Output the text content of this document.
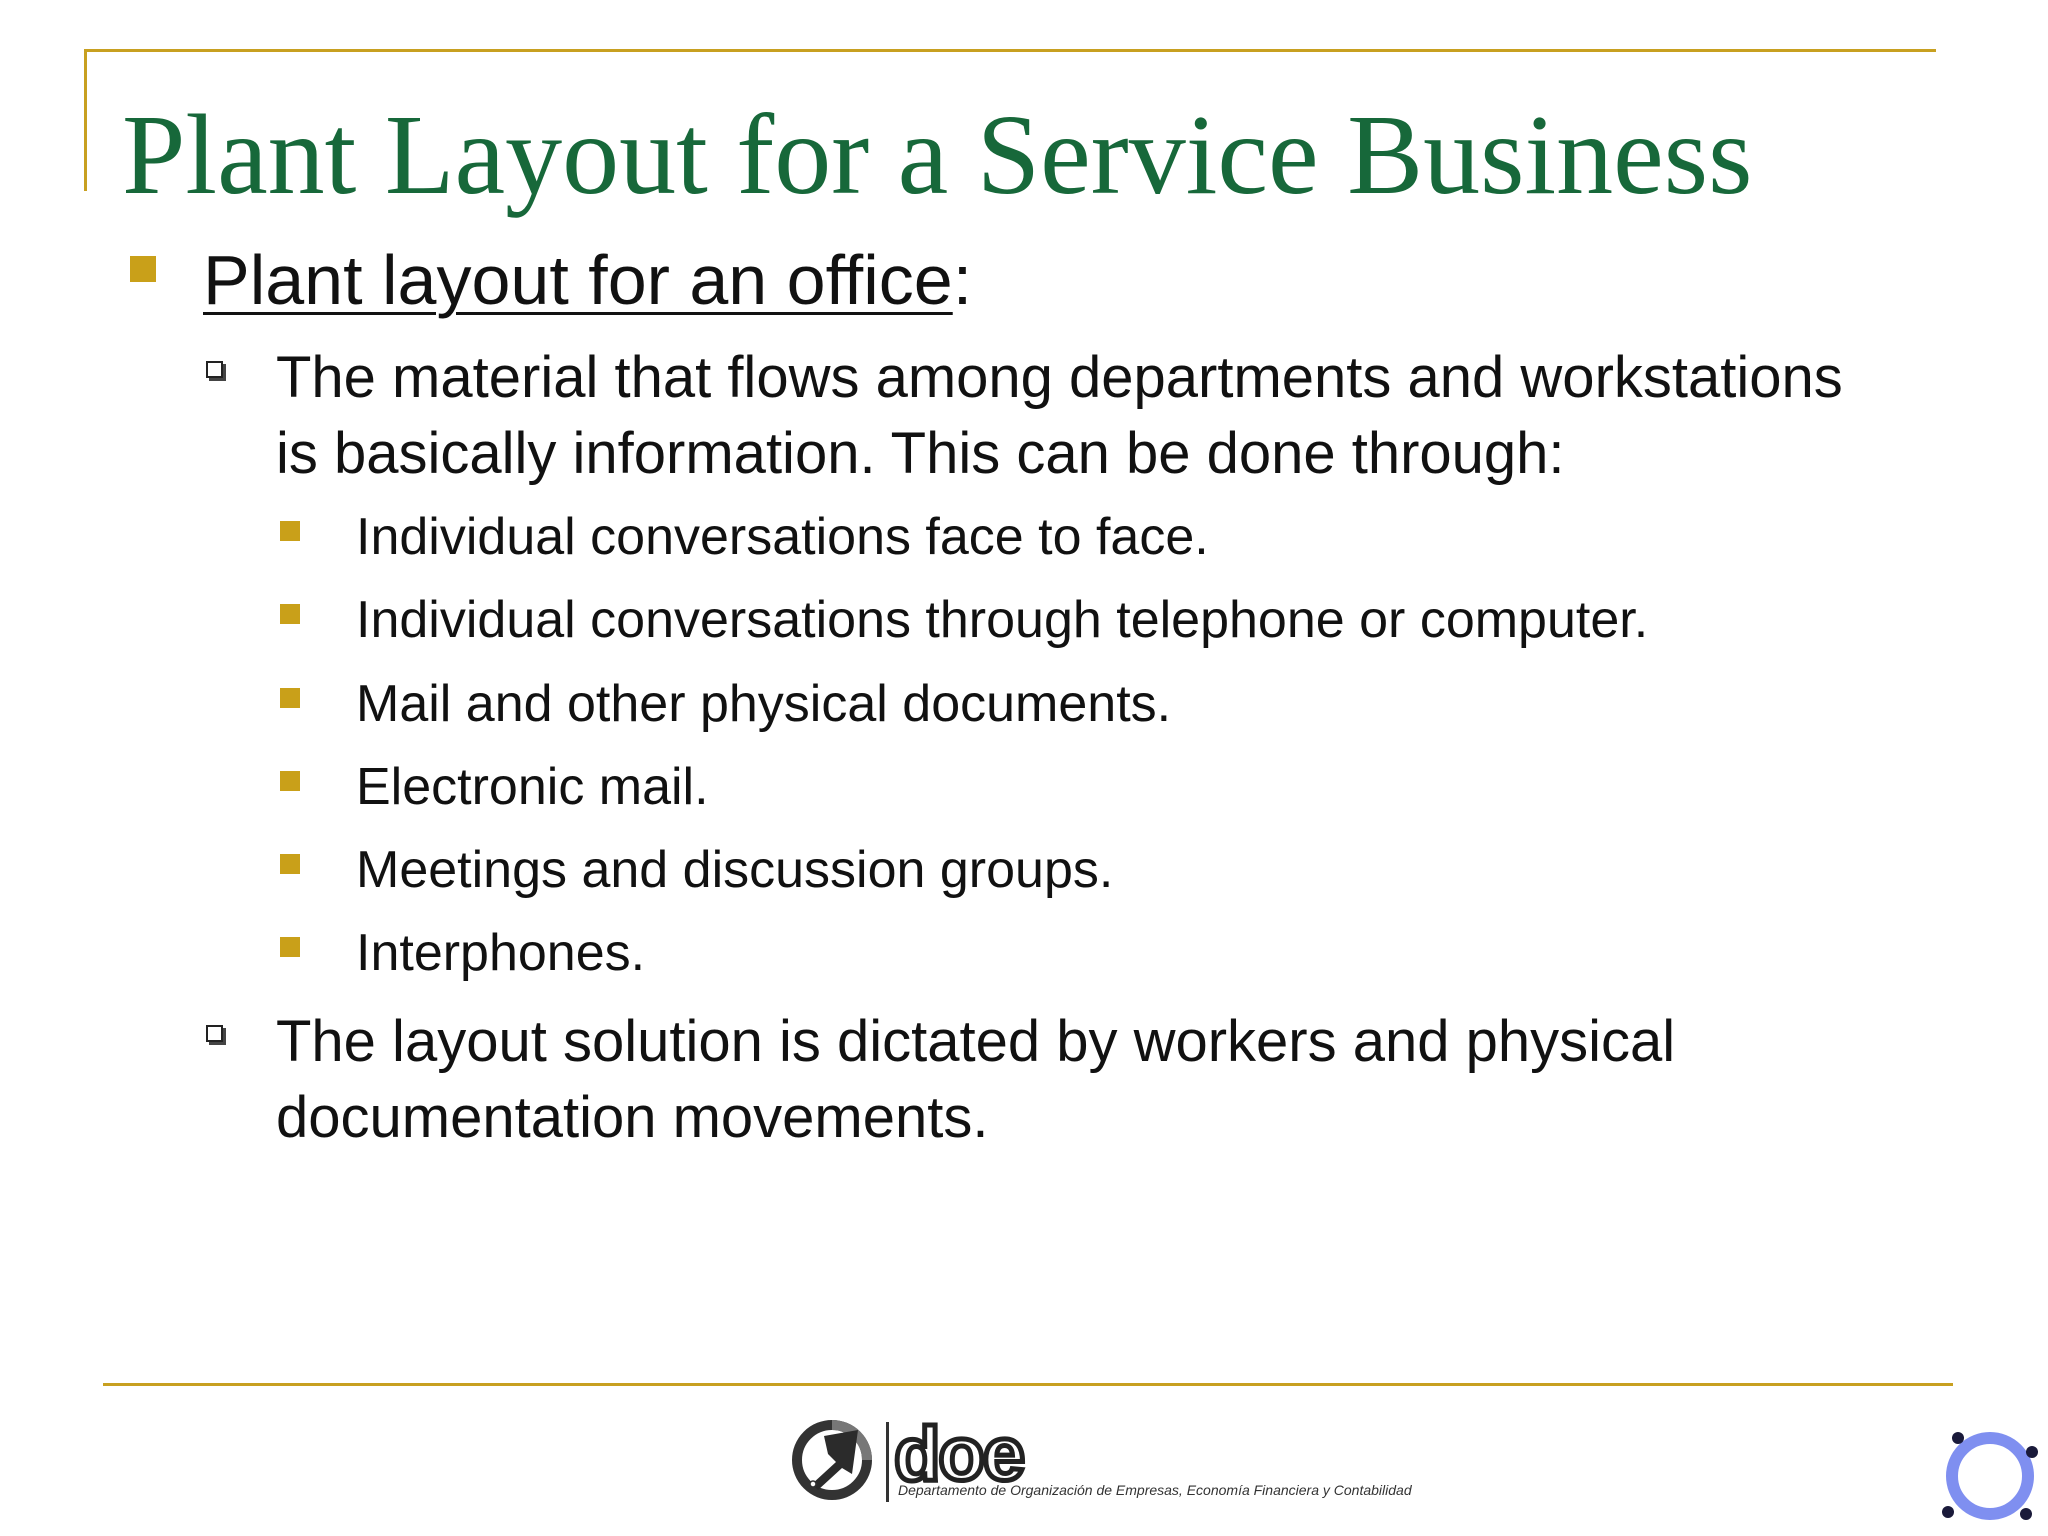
Plant Layout for a Service Business

Plant layout for an office:

The material that flows among departments and workstations

is basically information. This can be done through:

Individual conversations face to face.

Individual conversations through telephone or computer.

Mail and other physical documents.

Electronic mail.

Meetings and discussion groups.

Interphones.

The layout solution is dictated by workers and physical

documentation movements.

doe

Departamento de Organización de Empresas, Economía Financiera y Contabilidad
